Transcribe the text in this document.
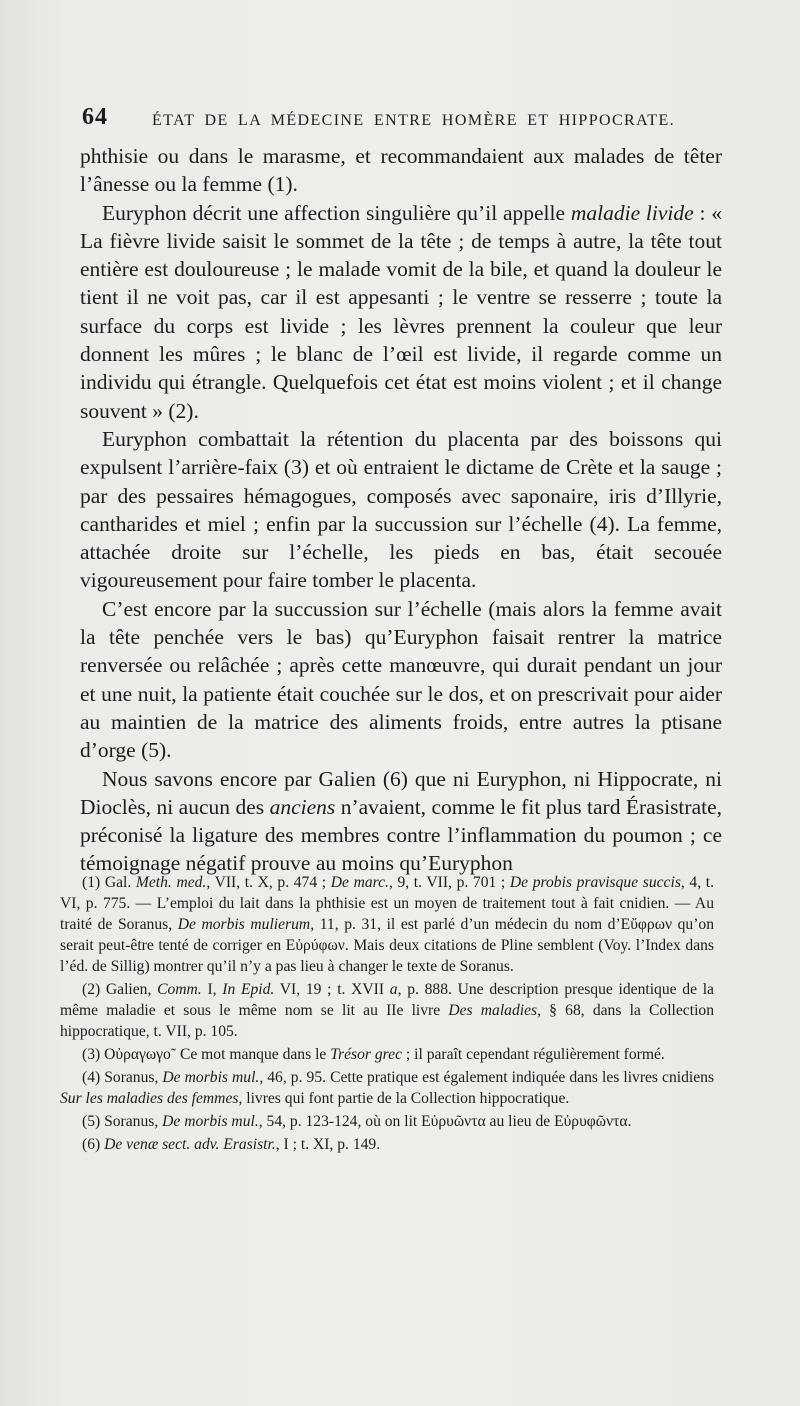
64	ÉTAT DE LA MÉDECINE ENTRE HOMÈRE ET HIPPOCRATE.

phthisie ou dans le marasme, et recommandaient aux malades de têter l’ânesse ou la femme (1).

Euryphon décrit une affection singulière qu’il appelle maladie livide : « La fièvre livide saisit le sommet de la tête ; de temps à autre, la tête tout entière est douloureuse ; le malade vomit de la bile, et quand la douleur le tient il ne voit pas, car il est appesanti ; le ventre se resserre ; toute la surface du corps est livide ; les lèvres prennent la couleur que leur donnent les mûres ; le blanc de l’œil est livide, il regarde comme un individu qui étrangle. Quelquefois cet état est moins violent ; et il change souvent » (2).

Euryphon combattait la rétention du placenta par des boissons qui expulsent l’arrière-faix (3) et où entraient le dictame de Crète et la sauge ; par des pessaires hémagogues, composés avec saponaire, iris d’Illyrie, cantharides et miel ; enfin par la succussion sur l’échelle (4). La femme, attachée droite sur l’échelle, les pieds en bas, était secouée vigoureusement pour faire tomber le placenta.

C’est encore par la succussion sur l’échelle (mais alors la femme avait la tête penchée vers le bas) qu’Euryphon faisait rentrer la matrice renversée ou relâchée ; après cette manœuvre, qui durait pendant un jour et une nuit, la patiente était couchée sur le dos, et on prescrivait pour aider au maintien de la matrice des aliments froids, entre autres la ptisane d’orge (5).

Nous savons encore par Galien (6) que ni Euryphon, ni Hippocrate, ni Dioclès, ni aucun des anciens n’avaient, comme le fit plus tard Érasistrate, préconisé la ligature des membres contre l’inflammation du poumon ; ce témoignage négatif prouve au moins qu’Euryphon

(1) Gal. Meth. med., VII, t. X, p. 474 ; De marc., 9, t. VII, p. 701 ; De probis pravisque succis, 4, t. VI, p. 775. — L’emploi du lait dans la phthisie est un moyen de traitement tout à fait cnidien. — Au traité de Soranus, De morbis mulierum, 11, p. 31, il est parlé d’un médecin du nom d’Εὔφρων qu’on serait peut-être tenté de corriger en Εὐρύφων. Mais deux citations de Pline semblent (Voy. l’Index dans l’éd. de Sillig) montrer qu’il n’y a pas lieu à changer le texte de Soranus.

(2) Galien, Comm. I, In Epid. VI, 19 ; t. XVII a, p. 888. Une description presque identique de la même maladie et sous le même nom se lit au IIe livre Des maladies, § 68, dans la Collection hippocratique, t. VII, p. 105.

(3) Οὐραγωγο˜ Ce mot manque dans le Trésor grec ; il paraît cependant régulièrement formé.

(4) Soranus, De morbis mul., 46, p. 95. Cette pratique est également indiquée dans les livres cnidiens Sur les maladies des femmes, livres qui font partie de la Collection hippocratique.

(5) Soranus, De morbis mul., 54, p. 123-124, où on lit Εὐρυῶντα au lieu de Εὐρυφῶντα.

(6) De venæ sect. adv. Erasistr., I ; t. XI, p. 149.
